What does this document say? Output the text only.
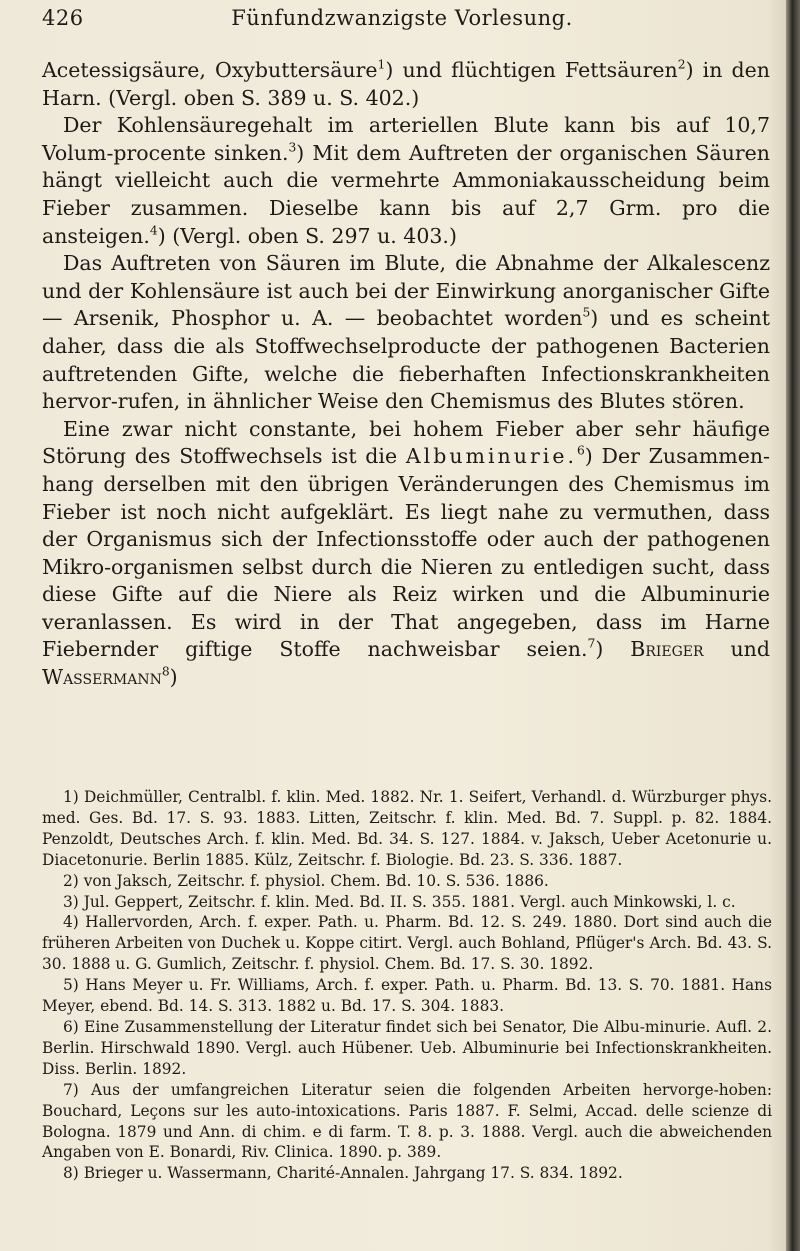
426	Fünfundzwanzigste Vorlesung.

Acetessigsäure, Oxybuttersäure$^1$) und flüchtigen Fettsäuren$^2$) in den Harn. (Vergl. oben S. 389 u. S. 402.)

Der Kohlensäuregehalt im arteriellen Blute kann bis auf 10,7 Volum-procente sinken.$^3$) Mit dem Auftreten der organischen Säuren hängt vielleicht auch die vermehrte Ammoniakausscheidung beim Fieber zusammen. Dieselbe kann bis auf 2,7 Grm. pro die ansteigen.$^4$) (Vergl. oben S. 297 u. 403.)

Das Auftreten von Säuren im Blute, die Abnahme der Alkalescenz und der Kohlensäure ist auch bei der Einwirkung anorganischer Gifte — Arsenik, Phosphor u. A. — beobachtet worden$^5$) und es scheint daher, dass die als Stoffwechselproducte der pathogenen Bacterien auftretenden Gifte, welche die fieberhaften Infectionskrankheiten hervor-rufen, in ähnlicher Weise den Chemismus des Blutes stören.

Eine zwar nicht constante, bei hohem Fieber aber sehr häufige Störung des Stoffwechsels ist die Albuminurie.$^6$) Der Zusammen-hang derselben mit den übrigen Veränderungen des Chemismus im Fieber ist noch nicht aufgeklärt. Es liegt nahe zu vermuthen, dass der Organismus sich der Infectionsstoffe oder auch der pathogenen Mikro-organismen selbst durch die Nieren zu entledigen sucht, dass diese Gifte auf die Niere als Reiz wirken und die Albuminurie veranlassen. Es wird in der That angegeben, dass im Harne Fiebernder giftige Stoffe nachweisbar seien.$^7$) Brieger und Wassermann$^8$)

1) Deichmüller, Centralbl. f. klin. Med. 1882. Nr. 1. Seifert, Verhandl. d. Würzburger phys. med. Ges. Bd. 17. S. 93. 1883. Litten, Zeitschr. f. klin. Med. Bd. 7. Suppl. p. 82. 1884. Penzoldt, Deutsches Arch. f. klin. Med. Bd. 34. S. 127. 1884. v. Jaksch, Ueber Acetonurie u. Diacetonurie. Berlin 1885. Külz, Zeitschr. f. Biologie. Bd. 23. S. 336. 1887.

2) von Jaksch, Zeitschr. f. physiol. Chem. Bd. 10. S. 536. 1886.

3) Jul. Geppert, Zeitschr. f. klin. Med. Bd. II. S. 355. 1881. Vergl. auch Minkowski, l. c.

4) Hallervorden, Arch. f. exper. Path. u. Pharm. Bd. 12. S. 249. 1880. Dort sind auch die früheren Arbeiten von Duchek u. Koppe citirt. Vergl. auch Bohland, Pflüger's Arch. Bd. 43. S. 30. 1888 u. G. Gumlich, Zeitschr. f. physiol. Chem. Bd. 17. S. 30. 1892.

5) Hans Meyer u. Fr. Williams, Arch. f. exper. Path. u. Pharm. Bd. 13. S. 70. 1881. Hans Meyer, ebend. Bd. 14. S. 313. 1882 u. Bd. 17. S. 304. 1883.

6) Eine Zusammenstellung der Literatur findet sich bei Senator, Die Albu-minurie. Aufl. 2. Berlin. Hirschwald 1890. Vergl. auch Hübener. Ueb. Albuminurie bei Infectionskrankheiten. Diss. Berlin. 1892.

7) Aus der umfangreichen Literatur seien die folgenden Arbeiten hervorge-hoben: Bouchard, Leçons sur les auto-intoxications. Paris 1887. F. Selmi, Accad. delle scienze di Bologna. 1879 und Ann. di chim. e di farm. T. 8. p. 3. 1888. Vergl. auch die abweichenden Angaben von E. Bonardi, Riv. Clinica. 1890. p. 389.

8) Brieger u. Wassermann, Charité-Annalen. Jahrgang 17. S. 834. 1892.
